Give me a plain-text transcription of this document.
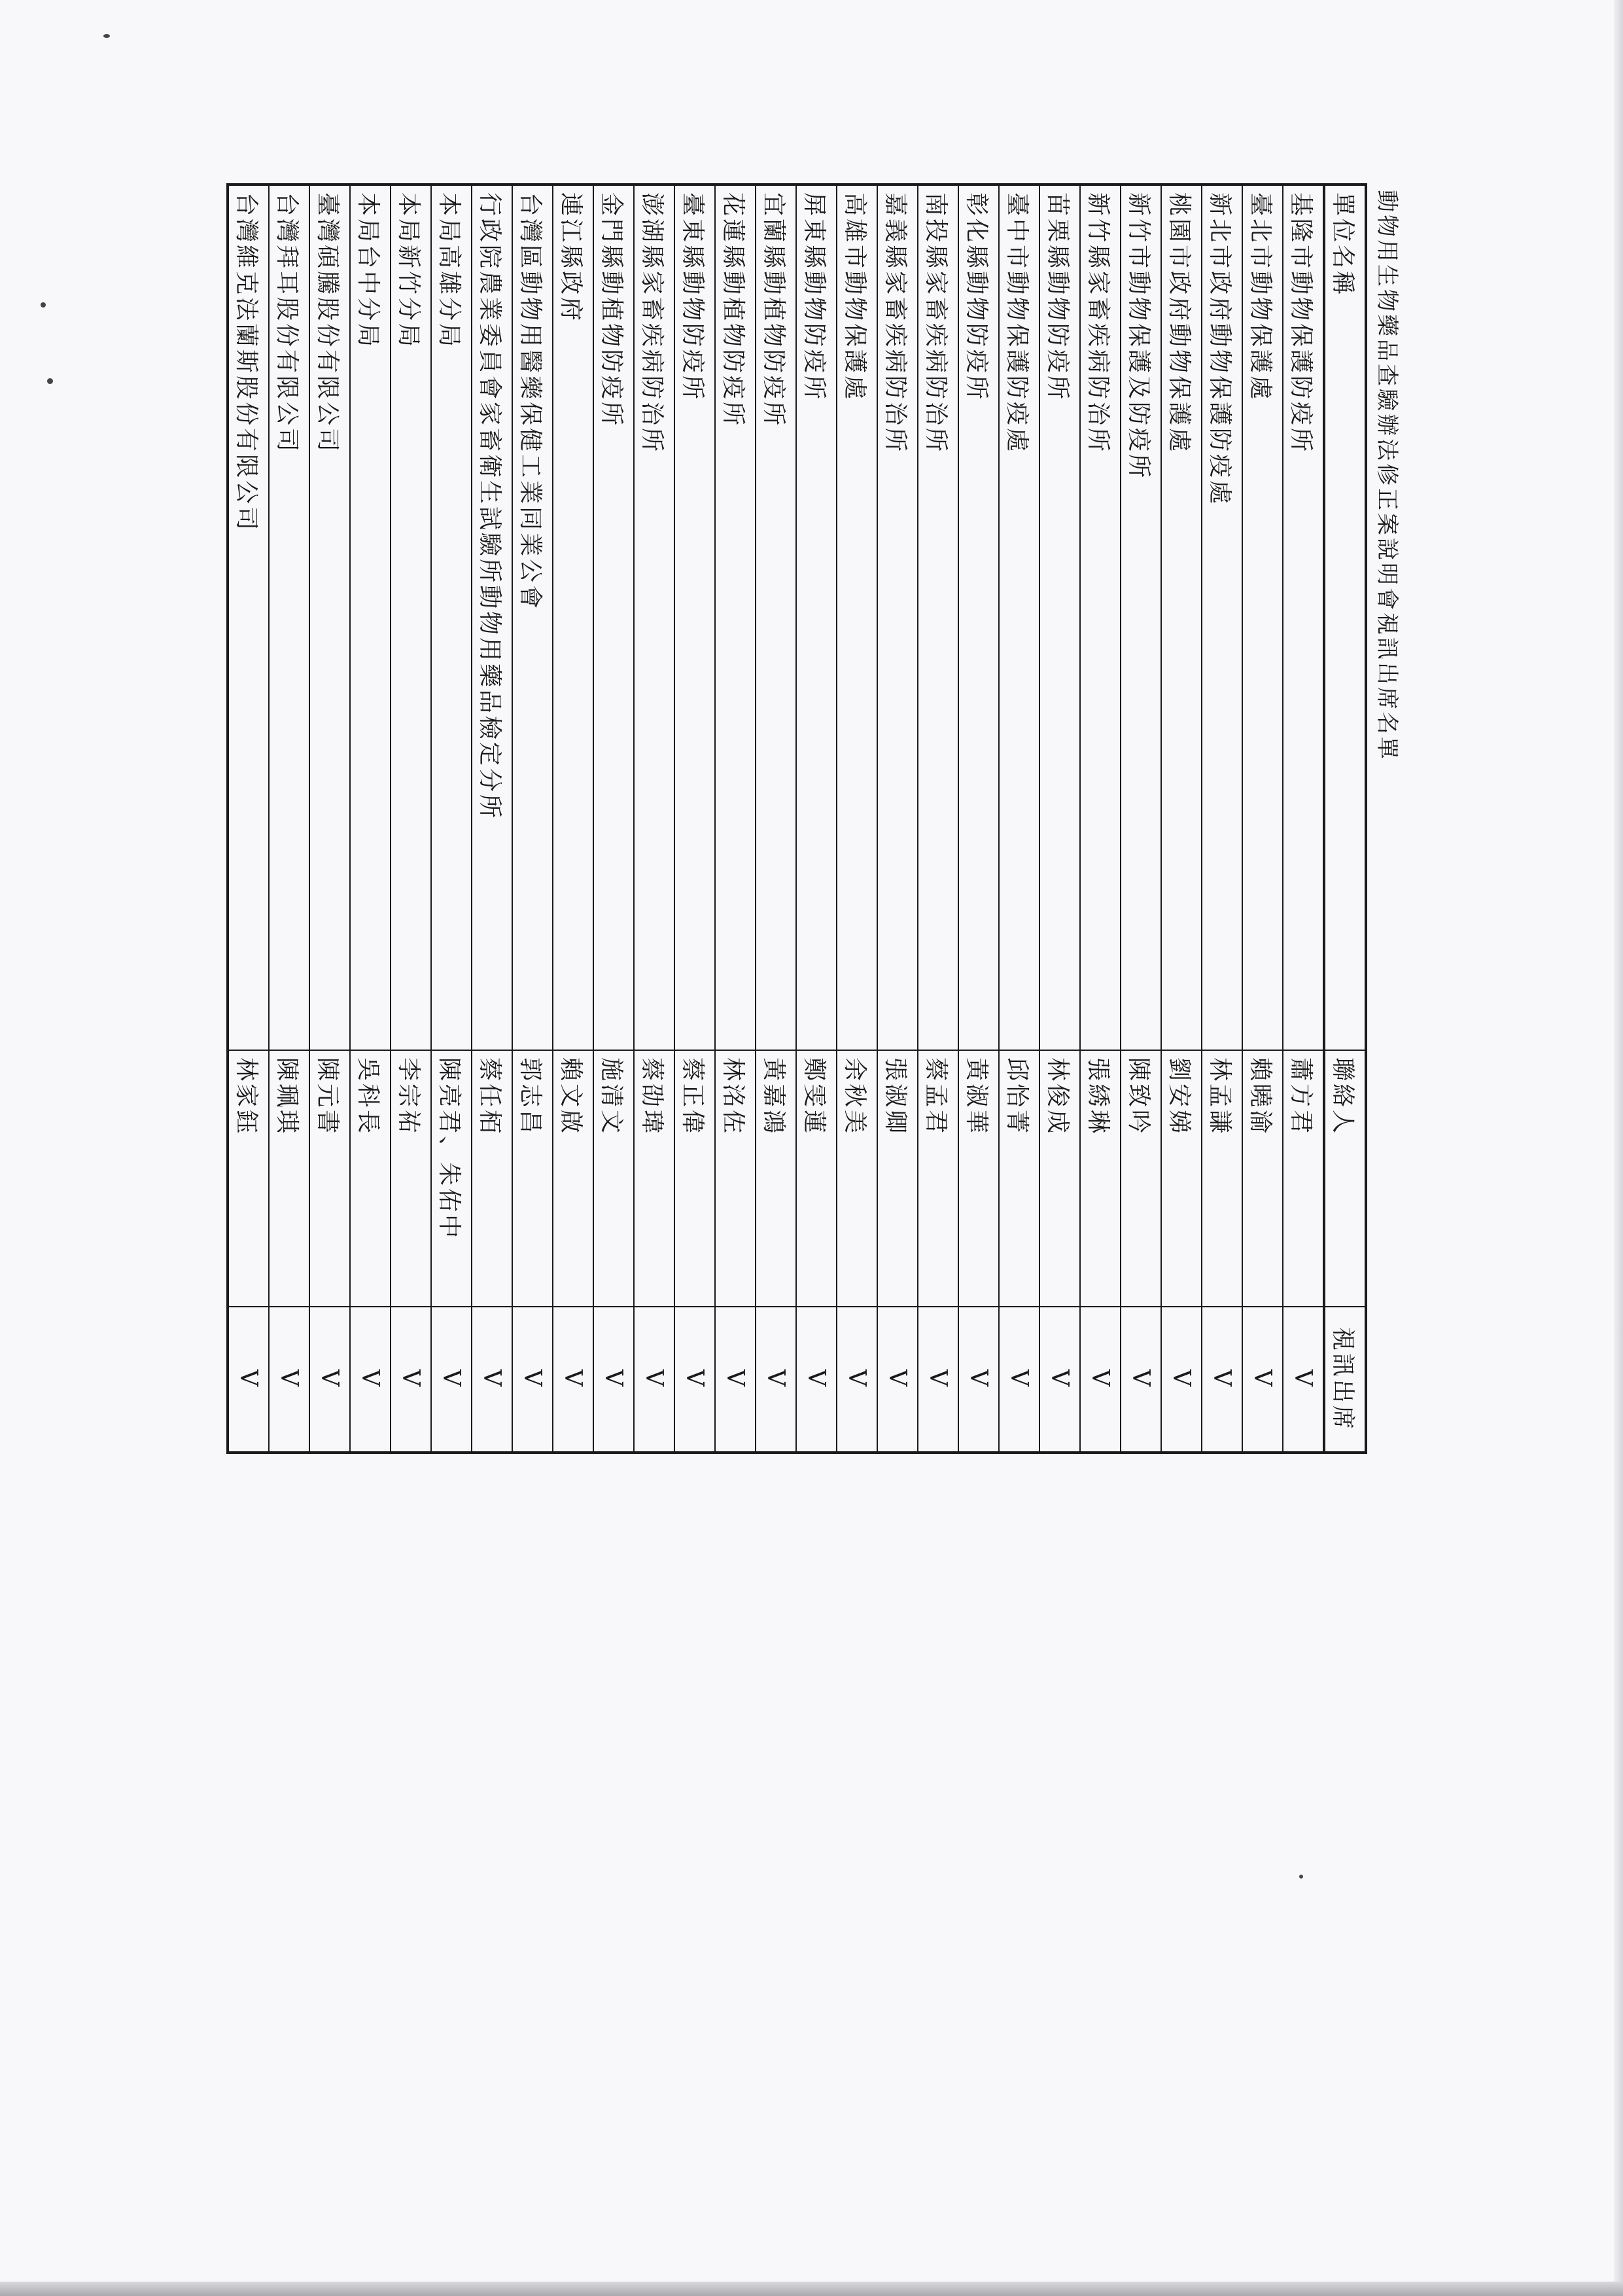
動物用生物藥品查驗辦法修正案說明會視訊出席名單
單位名稱	聯絡人	視訊出席
基隆市動物保護防疫所	蕭方君	V
臺北市動物保護處	賴曉渝	V
新北市政府動物保護防疫處	林孟謙	V
桃園市政府動物保護處	劉安娣	V
新竹市動物保護及防疫所	陳致吟	V
新竹縣家畜疾病防治所	張綉琳	V
苗栗縣動物防疫所	林俊成	V
臺中市動物保護防疫處	邱怡菁	V
彰化縣動物防疫所	黃淑華	V
南投縣家畜疾病防治所	蔡孟君	V
嘉義縣家畜疾病防治所	張淑卿	V
高雄市動物保護處	余秋美	V
屏東縣動物防疫所	鄭雯蓮	V
宜蘭縣動植物防疫所	黃嘉鴻	V
花蓮縣動植物防疫所	林洺佐	V
臺東縣動物防疫所	蔡正偉	V
澎湖縣家畜疾病防治所	蔡劭瑋	V
金門縣動植物防疫所	施清文	V
連江縣政府	賴文啟	V
台灣區動物用醫藥保健工業同業公會	郭志昌	V
行政院農業委員會家畜衛生試驗所動物用藥品檢定分所	蔡任栢	V
本局高雄分局	陳亮君、朱佑中	V
本局新竹分局	李宗祐	V
本局台中分局	吳科長	V
臺灣碩騰股份有限公司	陳元書	V
台灣拜耳股份有限公司	陳珮琪	V
台灣維克法蘭斯股份有限公司	林家鈺	V
